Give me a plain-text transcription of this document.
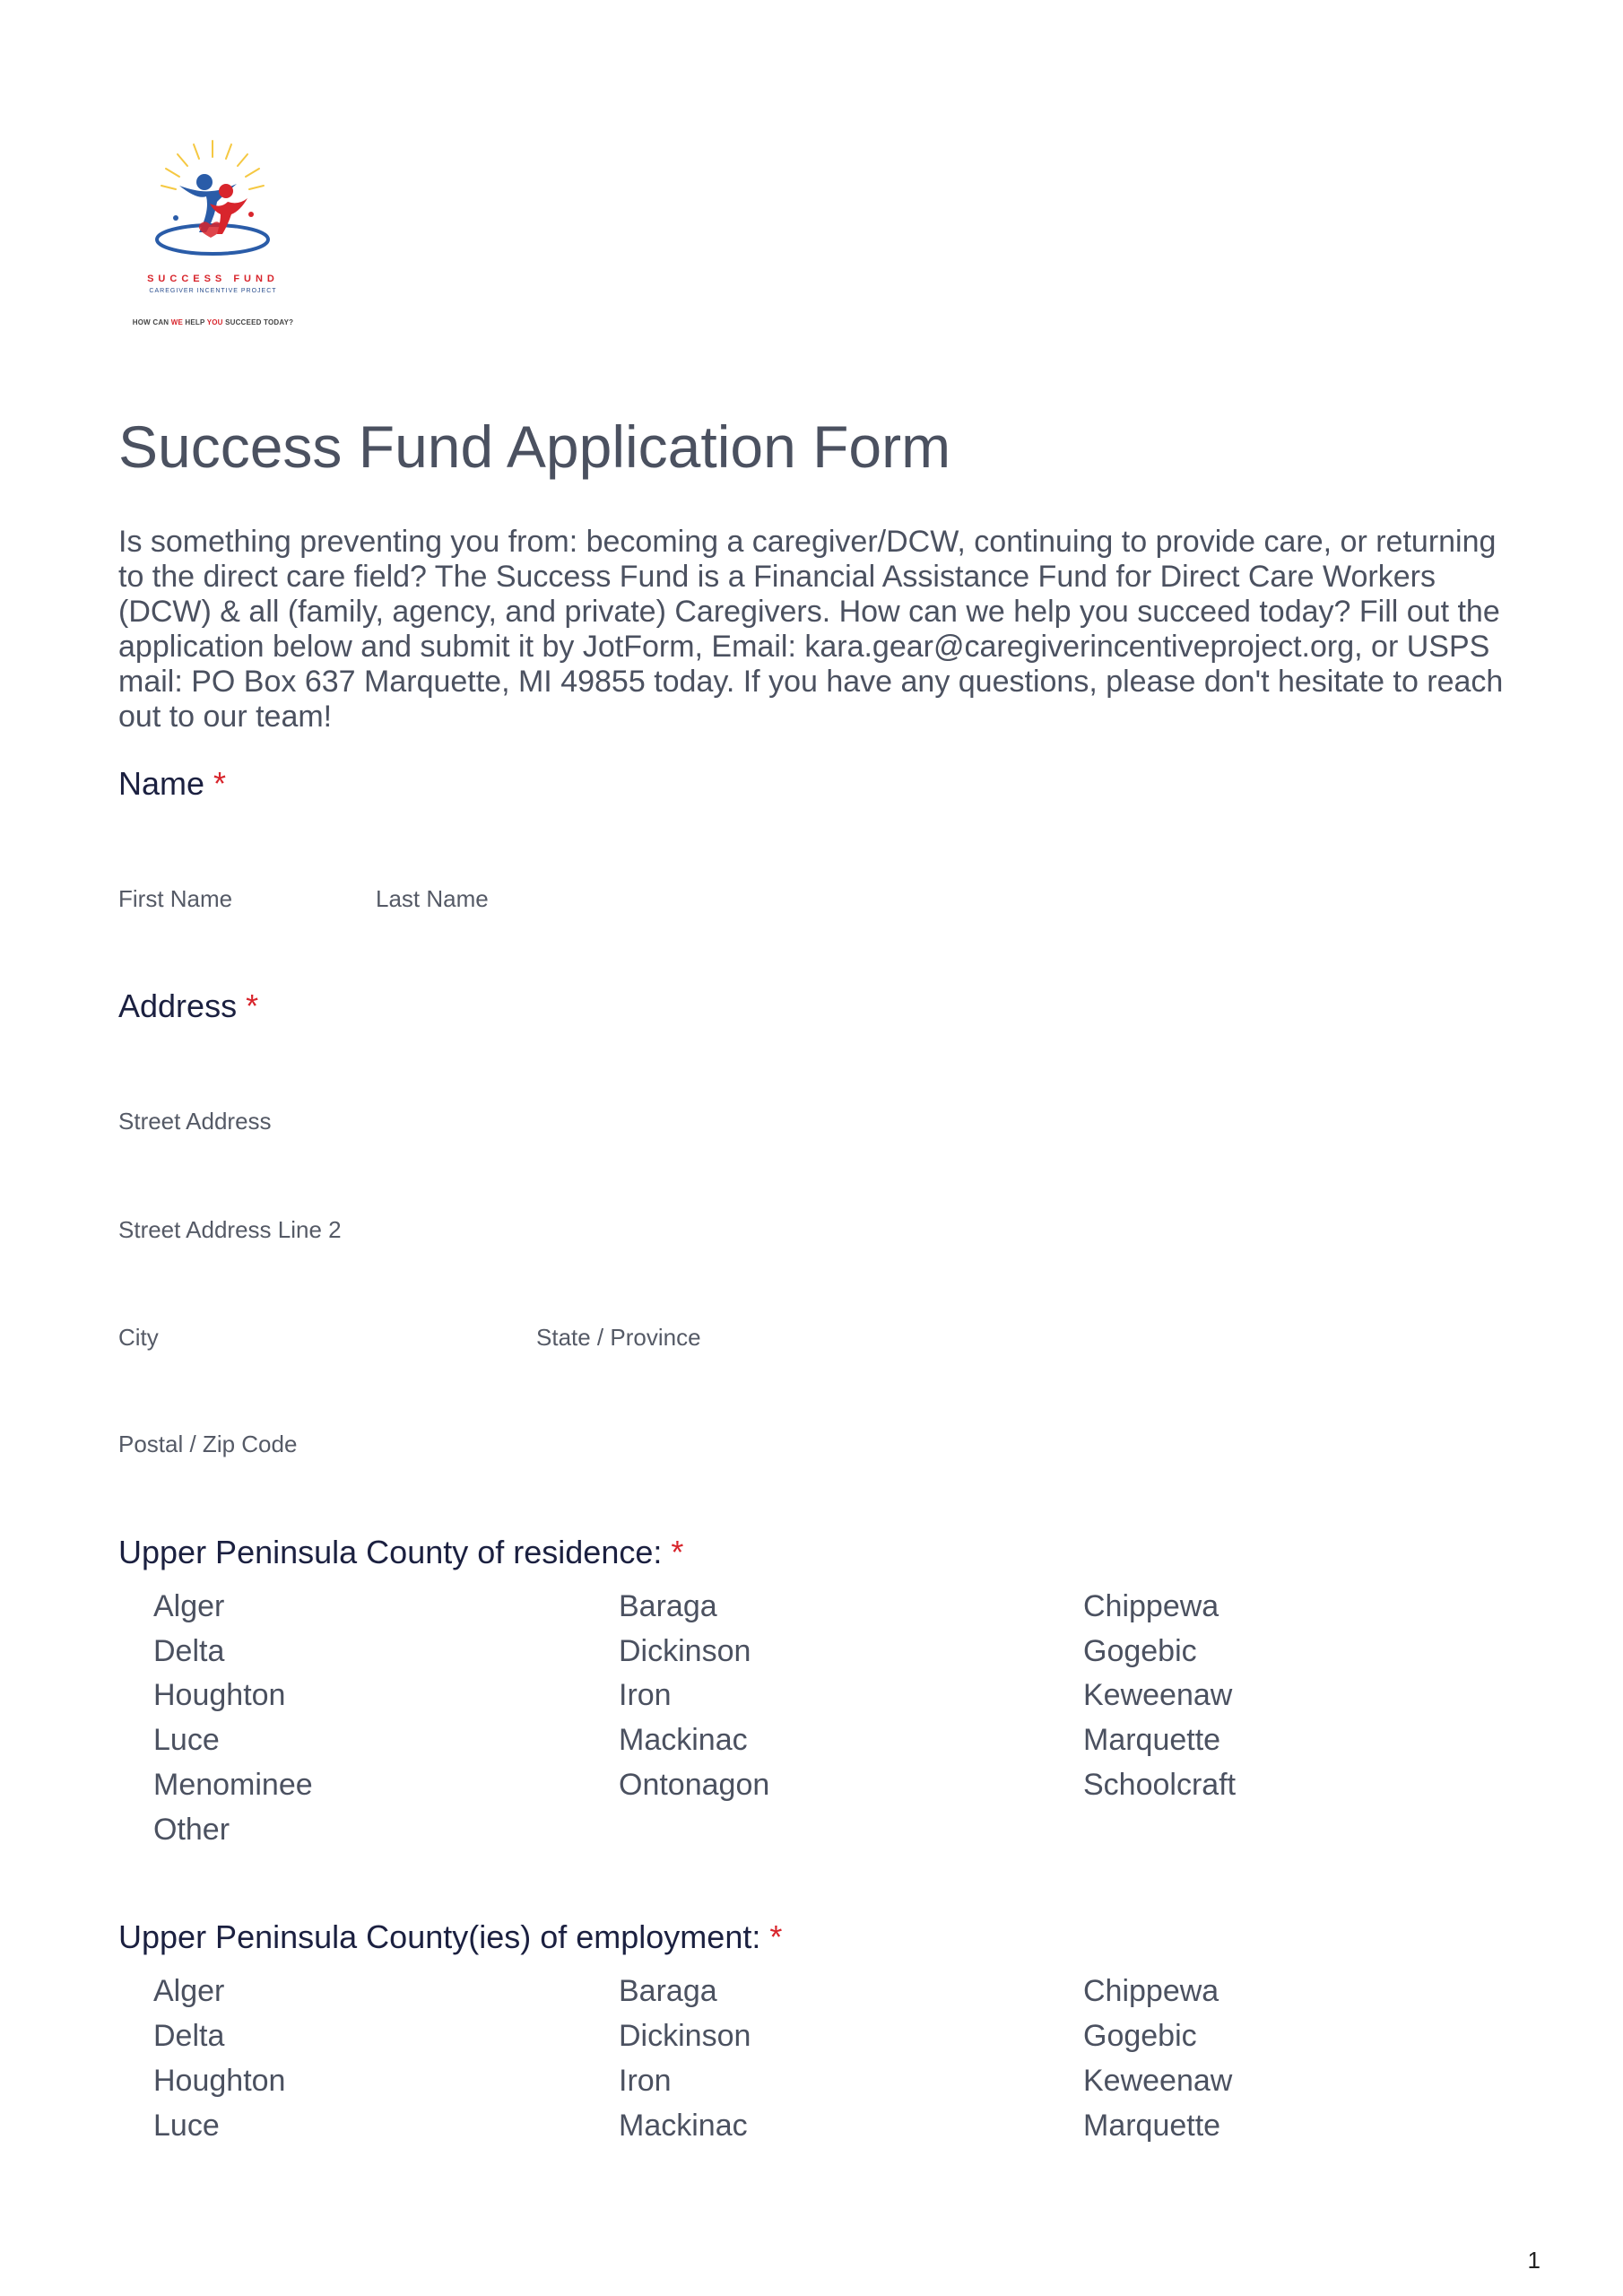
SUCCESS FUND
CAREGIVER INCENTIVE PROJECT
HOW CAN WE HELP YOU SUCCEED TODAY?
Success Fund Application Form
Is something preventing you from: becoming a caregiver/DCW, continuing to provide care, or returning to the direct care field? The Success Fund is a Financial Assistance Fund for Direct Care Workers (DCW) & all (family, agency, and private) Caregivers. How can we help you succeed today? Fill out the application below and submit it by JotForm, Email: kara.gear@caregiverincentiveproject.org, or USPS mail: PO Box 637 Marquette, MI 49855 today. If you have any questions, please don't hesitate to reach out to our team!
Name *
First Name	Last Name
Address *
Street Address
Street Address Line 2
City	State / Province
Postal / Zip Code
Upper Peninsula County of residence: *
Alger	Baraga	Chippewa
Delta	Dickinson	Gogebic
Houghton	Iron	Keweenaw
Luce	Mackinac	Marquette
Menominee	Ontonagon	Schoolcraft
Other
Upper Peninsula County(ies) of employment: *
Alger	Baraga	Chippewa
Delta	Dickinson	Gogebic
Houghton	Iron	Keweenaw
Luce	Mackinac	Marquette
1
